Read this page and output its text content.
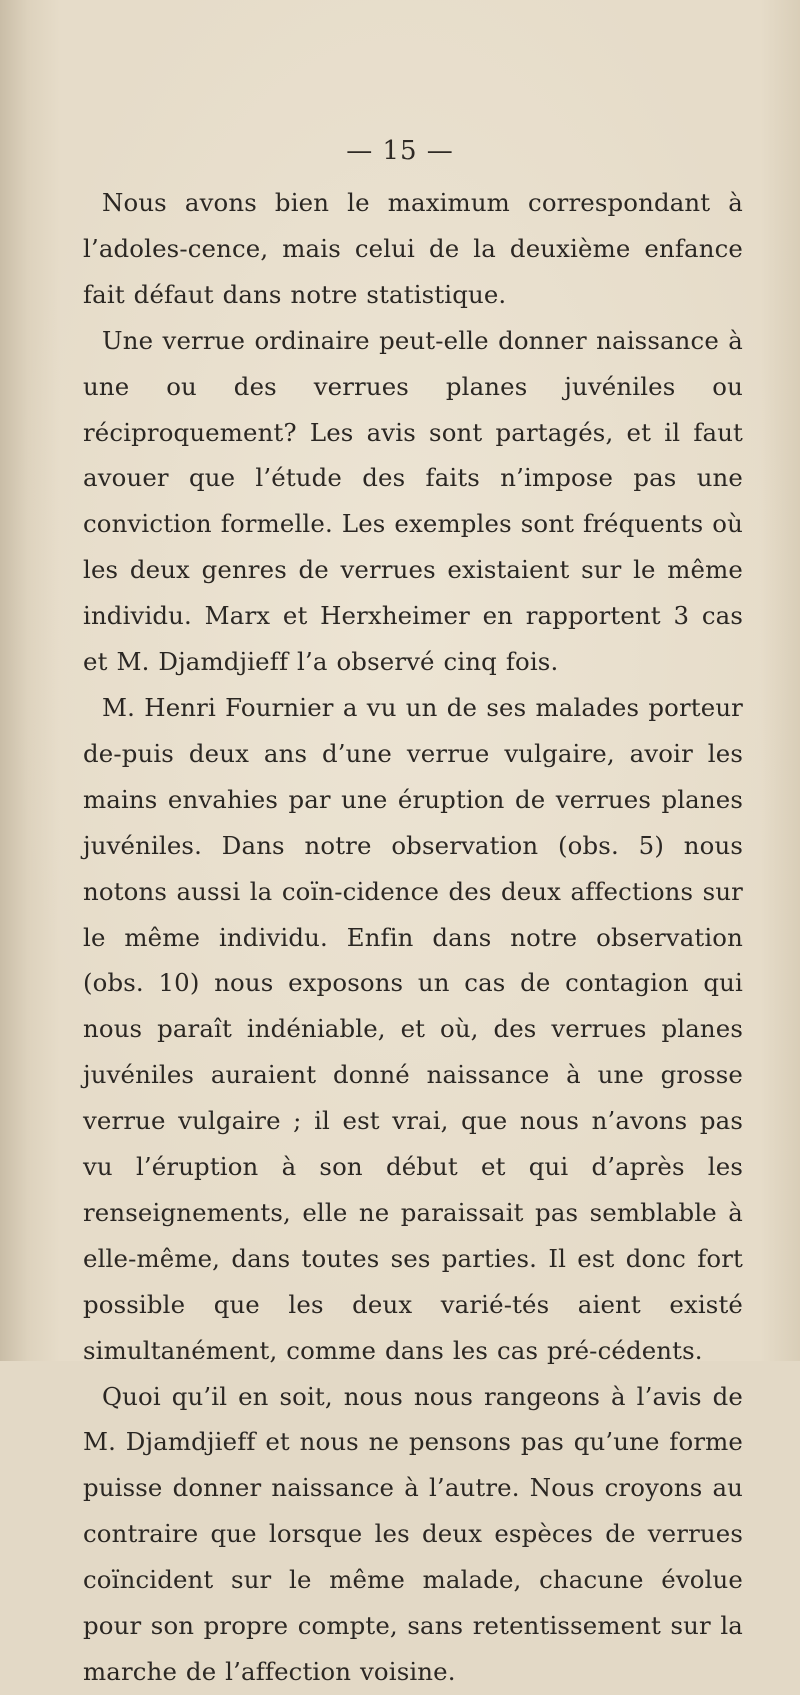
— 15 —

Nous avons bien le maximum correspondant à l’adoles-cence, mais celui de la deuxième enfance fait défaut dans notre statistique.

Une verrue ordinaire peut-elle donner naissance à une ou des verrues planes juvéniles ou réciproquement? Les avis sont partagés, et il faut avouer que l’étude des faits n’impose pas une conviction formelle. Les exemples sont fréquents où les deux genres de verrues existaient sur le même individu. Marx et Herxheimer en rapportent 3 cas et M. Djamdjieff l’a observé cinq fois.

M. Henri Fournier a vu un de ses malades porteur de-puis deux ans d’une verrue vulgaire, avoir les mains envahies par une éruption de verrues planes juvéniles. Dans notre observation (obs. 5) nous notons aussi la coïn-cidence des deux affections sur le même individu. Enfin dans notre observation (obs. 10) nous exposons un cas de contagion qui nous paraît indéniable, et où, des verrues planes juvéniles auraient donné naissance à une grosse verrue vulgaire ; il est vrai, que nous n’avons pas vu l’éruption à son début et qui d’après les renseignements, elle ne paraissait pas semblable à elle-même, dans toutes ses parties. Il est donc fort possible que les deux varié-tés aient existé simultanément, comme dans les cas pré-cédents.

Quoi qu’il en soit, nous nous rangeons à l’avis de M. Djamdjieff et nous ne pensons pas qu’une forme puisse donner naissance à l’autre. Nous croyons au contraire que lorsque les deux espèces de verrues coïncident sur le même malade, chacune évolue pour son propre compte, sans retentissement sur la marche de l’affection voisine.
